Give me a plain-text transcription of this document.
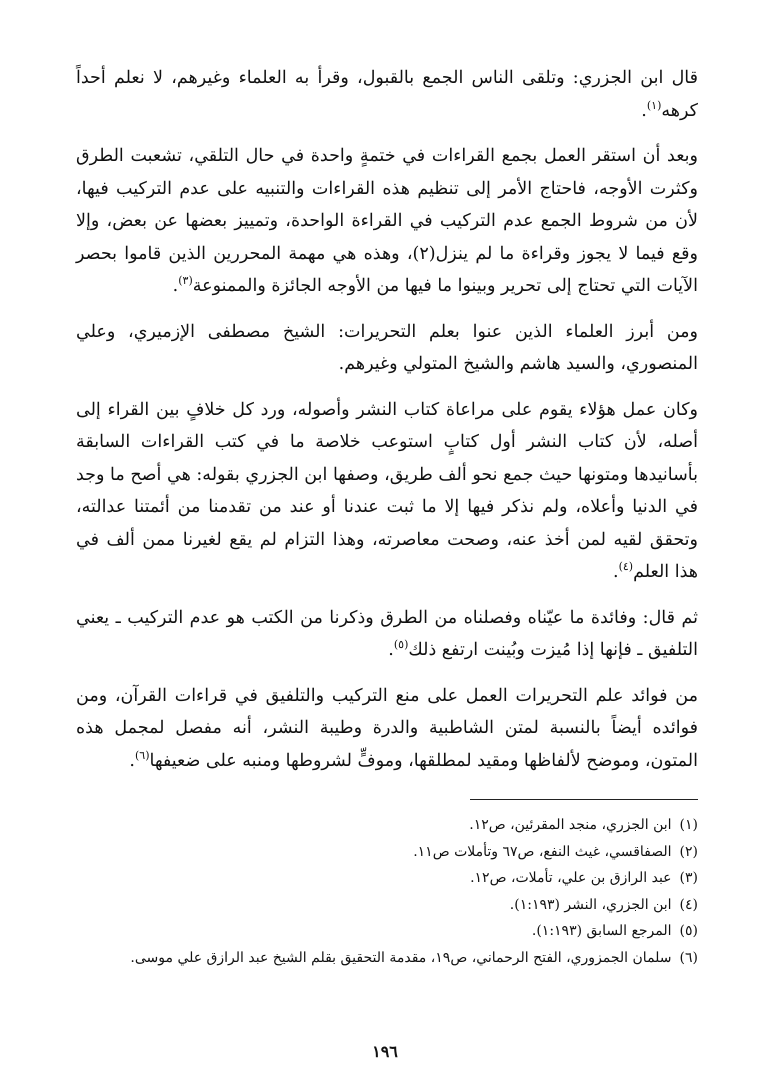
قال ابن الجزري: وتلقى الناس الجمع بالقبول، وقرأ به العلماء وغيرهم، لا نعلم أحداً كرهه$^{(١)}$.

وبعد أن استقر العمل بجمع القراءات في ختمةٍ واحدة في حال التلقي، تشعبت الطرق وكثرت الأوجه، فاحتاج الأمر إلى تنظيم هذه القراءات والتنبيه على عدم التركيب فيها، لأن من شروط الجمع عدم التركيب في القراءة الواحدة، وتمييز بعضها عن بعض، وإلا وقع فيما لا يجوز وقراءة ما لم ينزل(٢)، وهذه هي مهمة المحررين الذين قاموا بحصر الآيات التي تحتاج إلى تحرير وبينوا ما فيها من الأوجه الجائزة والممنوعة$^{(٣)}$.

ومن أبرز العلماء الذين عنوا بعلم التحريرات: الشيخ مصطفى الإزميري، وعلي المنصوري، والسيد هاشم والشيخ المتولي وغيرهم.

وكان عمل هؤلاء يقوم على مراعاة كتاب النشر وأصوله، ورد كل خلافٍ بين القراء إلى أصله، لأن كتاب النشر أول كتابٍ استوعب خلاصة ما في كتب القراءات السابقة بأسانيدها ومتونها حيث جمع نحو ألف طريق، وصفها ابن الجزري بقوله: هي أصح ما وجد في الدنيا وأعلاه، ولم نذكر فيها إلا ما ثبت عندنا أو عند من تقدمنا من أئمتنا عدالته، وتحقق لقيه لمن أخذ عنه، وصحت معاصرته، وهذا التزام لم يقع لغيرنا ممن ألف في هذا العلم$^{(٤)}$.

ثم قال: وفائدة ما عيّناه وفصلناه من الطرق وذكرنا من الكتب هو عدم التركيب ـ يعني التلفيق ـ فإنها إذا مُيزت وبُينت ارتفع ذلك$^{(٥)}$.

من فوائد علم التحريرات العمل على منع التركيب والتلفيق في قراءات القرآن، ومن فوائده أيضاً بالنسبة لمتن الشاطبية والدرة وطيبة النشر، أنه مفصل لمجمل هذه المتون، وموضح لألفاظها ومقيد لمطلقها، وموفٍّ لشروطها ومنبه على ضعيفها$^{(٦)}$.

(١)
ابن الجزري، منجد المقرئين، ص١٢.
(٢)
الصفاقسي، غيث النفع، ص٦٧ وتأملات ص١١.
(٣)
عبد الرازق بن علي، تأملات، ص١٢.
(٤)
ابن الجزري، النشر (١:١٩٣).
(٥)
المرجع السابق (١:١٩٣).
(٦)
سلمان الجمزوري، الفتح الرحماني، ص١٩، مقدمة التحقيق بقلم الشيخ عبد الرازق علي موسى.
١٩٦
